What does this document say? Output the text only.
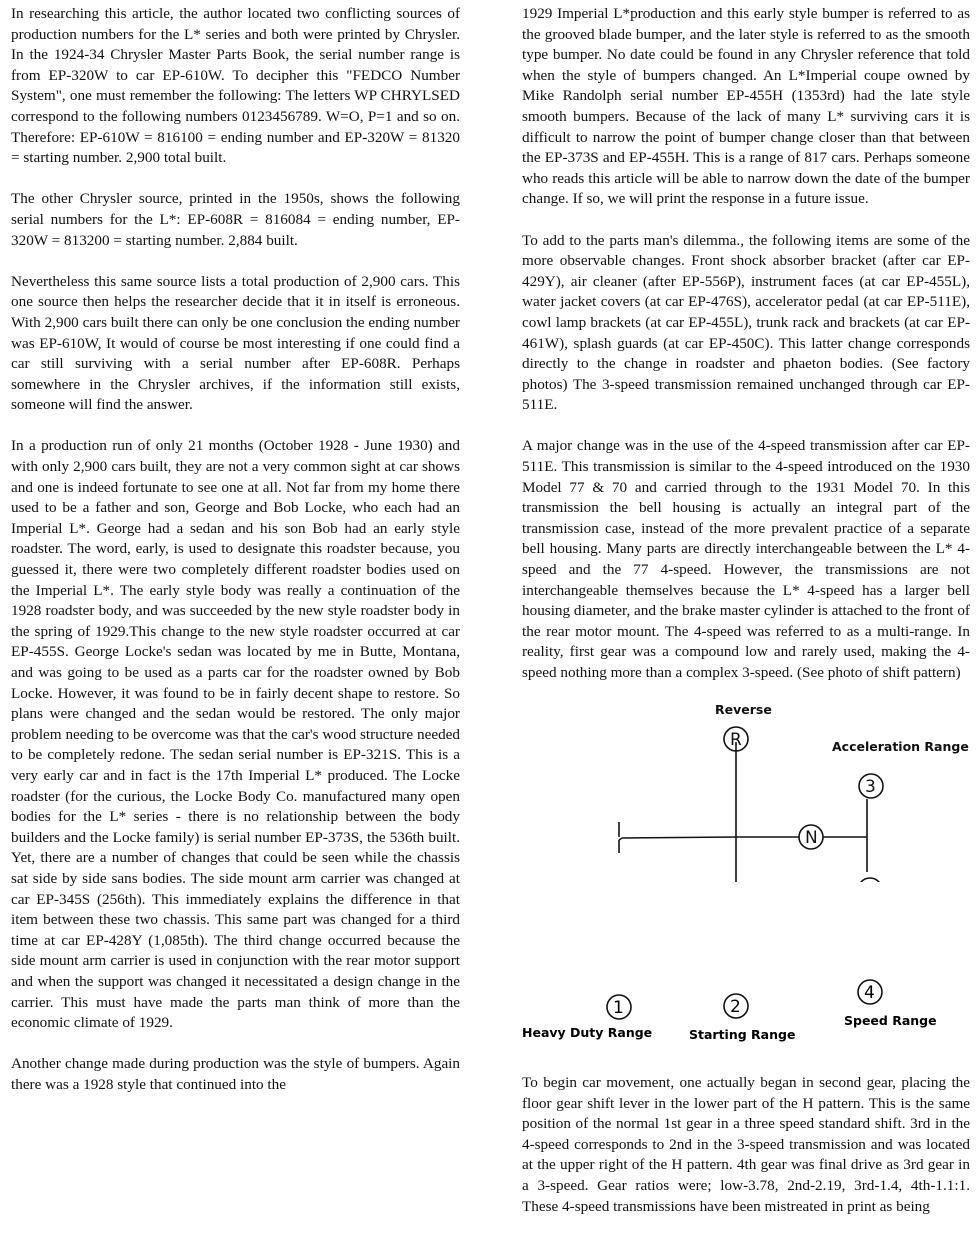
In researching this article, the author located two conflicting sources of production numbers for the L* series and both were printed by Chrysler. In the 1924-34 Chrysler Master Parts Book, the serial number range is from EP-320W to car EP-610W. To decipher this "FEDCO Number System", one must remember the following: The letters WP CHRYLSED correspond to the following numbers 0123456789. W=O, P=1 and so on. Therefore: EP-610W = 816100 = ending number and EP-320W = 81320 = starting number. 2,900 total built.

The other Chrysler source, printed in the 1950s, shows the following serial numbers for the L*: EP-608R = 816084 = ending number, EP-320W = 813200 = starting number. 2,884 built.

Nevertheless this same source lists a total production of 2,900 cars. This one source then helps the researcher decide that it in itself is erroneous. With 2,900 cars built there can only be one conclusion the ending number was EP-610W, It would of course be most interesting if one could find a car still surviving with a serial number after EP-608R. Perhaps somewhere in the Chrysler archives, if the information still exists, someone will find the answer.

In a production run of only 21 months (October 1928 - June 1930) and with only 2,900 cars built, they are not a very common sight at car shows and one is indeed fortunate to see one at all. Not far from my home there used to be a father and son, George and Bob Locke, who each had an Imperial L*. George had a sedan and his son Bob had an early style roadster. The word, early, is used to designate this roadster because, you guessed it, there were two completely different roadster bodies used on the Imperial L*. The early style body was really a continuation of the 1928 roadster body, and was succeeded by the new style roadster body in the spring of 1929.This change to the new style roadster occurred at car EP-455S. George Locke's sedan was located by me in Butte, Montana, and was going to be used as a parts car for the roadster owned by Bob Locke. However, it was found to be in fairly decent shape to restore. So plans were changed and the sedan would be restored. The only major problem needing to be overcome was that the car's wood structure needed to be completely redone. The sedan serial number is EP-321S. This is a very early car and in fact is the 17th Imperial L* produced. The Locke roadster (for the curious, the Locke Body Co. manufactured many open bodies for the L* series - there is no relationship between the body builders and the Locke family) is serial number EP-373S, the 536th built. Yet, there are a number of changes that could be seen while the chassis sat side by side sans bodies. The side mount arm carrier was changed at car EP-345S (256th). This immediately explains the difference in that item between these two chassis. This same part was changed for a third time at car EP-428Y (1,085th). The third change occurred because the side mount arm carrier is used in conjunction with the rear motor support and when the support was changed it necessitated a design change in the carrier. This must have made the parts man think of more than the economic climate of 1929.

Another change made during production was the style of bumpers. Again there was a 1928 style that continued into the

1929 Imperial L*production and this early style bumper is referred to as the grooved blade bumper, and the later style is referred to as the smooth type bumper. No date could be found in any Chrysler reference that told when the style of bumpers changed. An L*Imperial coupe owned by Mike Randolph serial number EP-455H (1353rd) had the late style smooth bumpers. Because of the lack of many L* surviving cars it is difficult to narrow the point of bumper change closer than that between the EP-373S and EP-455H. This is a range of 817 cars. Perhaps someone who reads this article will be able to narrow down the date of the bumper change. If so, we will print the response in a future issue.

To add to the parts man's dilemma., the following items are some of the more observable changes. Front shock absorber bracket (after car EP-429Y), air cleaner (after EP-556P), instrument faces (at car EP-455L), water jacket covers (at car EP-476S), accelerator pedal (at car EP-511E), cowl lamp brackets (at car EP-455L), trunk rack and brackets (at car EP-461W), splash guards (at car EP-450C). This latter change corresponds directly to the change in roadster and phaeton bodies. (See factory photos) The 3-speed transmission remained unchanged through car EP-511E.

A major change was in the use of the 4-speed transmission after car EP-511E. This transmission is similar to the 4-speed introduced on the 1930 Model 77 & 70 and carried through to the 1931 Model 70. In this transmission the bell housing is actually an integral part of the transmission case, instead of the more prevalent practice of a separate bell housing. Many parts are directly interchangeable between the L* 4-speed and the 77 4-speed. However, the transmissions are not interchangeable themselves because the L* 4-speed has a larger bell housing diameter, and the brake master cylinder is attached to the front of the rear motor mount. The 4-speed was referred to as a multi-range. In reality, first gear was a compound low and rarely used, making the 4-speed nothing more than a complex 3-speed. (See photo of shift pattern)

Reverse
R
N
Acceleration Range
3
1	2
4
Heavy Duty Range	Starting Range
Speed Range

To begin car movement, one actually began in second gear, placing the floor gear shift lever in the lower part of the H pattern. This is the same position of the normal 1st gear in a three speed standard shift. 3rd in the 4-speed corresponds to 2nd in the 3-speed transmission and was located at the upper right of the H pattern. 4th gear was final drive as 3rd gear in a 3-speed. Gear ratios were; low-3.78, 2nd-2.19, 3rd-1.4, 4th-1.1:1. These 4-speed transmissions have been mistreated in print as being
